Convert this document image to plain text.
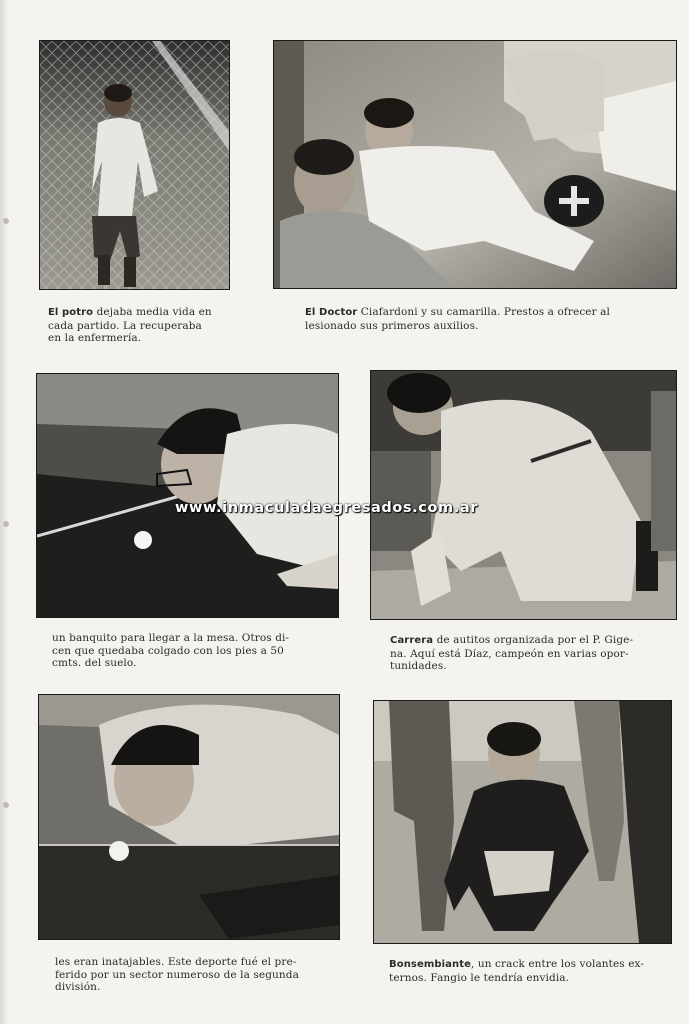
El potro dejaba media vida en
cada partido. La recuperaba
en la enfermería.
El Doctor Ciafardoni y su camarilla. Prestos a ofrecer al
lesionado sus primeros auxilios.
www.inmaculadaegresados.com.ar
un banquito para llegar a la mesa. Otros di-
cen que quedaba colgado con los pies a 50
cmts. del suelo.
Carrera de autitos organizada por el P. Gige-
na. Aquí está Díaz, campeón en varias opor-
tunidades.
les eran inatajables. Este deporte fué el pre-
ferido por un sector numeroso de la segunda
división.
Bonsembiante, un crack entre los volantes ex-
ternos. Fangio le tendría envidia.
